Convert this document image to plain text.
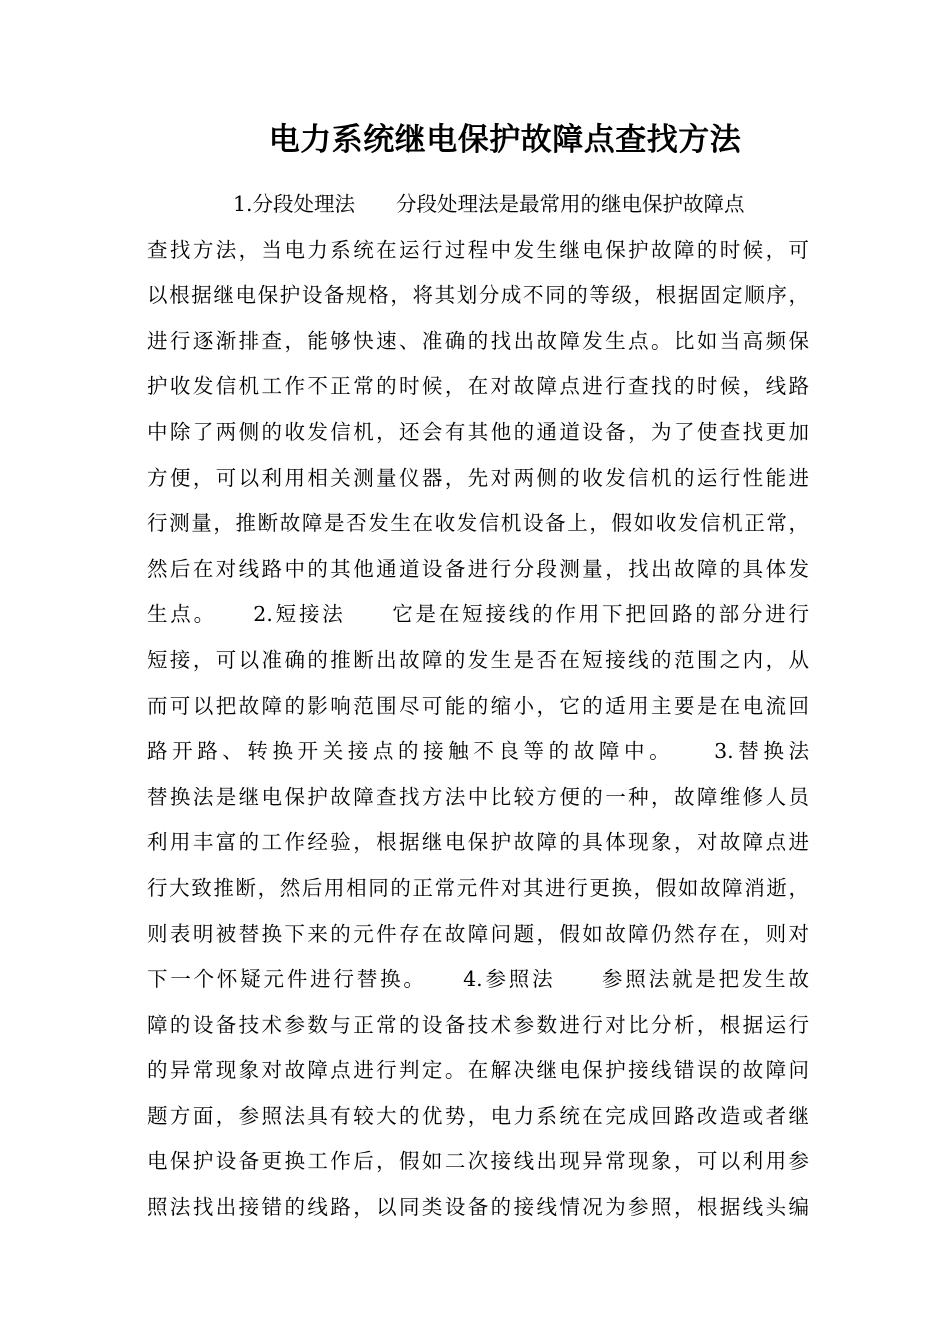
电力系统继电保护故障点查找方法
1.分段处理法　　分段处理法是最常用的继电保护故障点
查找方法，当电力系统在运行过程中发生继电保护故障的时候，可
以根据继电保护设备规格，将其划分成不同的等级，根据固定顺序，
进行逐渐排查，能够快速、准确的找出故障发生点。比如当高频保
护收发信机工作不正常的时候，在对故障点进行查找的时候，线路
中除了两侧的收发信机，还会有其他的通道设备，为了使查找更加
方便，可以利用相关测量仪器，先对两侧的收发信机的运行性能进
行测量，推断故障是否发生在收发信机设备上，假如收发信机正常，
然后在对线路中的其他通道设备进行分段测量，找出故障的具体发
生点。　　2.短接法　　它是在短接线的作用下把回路的部分进行
短接，可以准确的推断出故障的发生是否在短接线的范围之内，从
而可以把故障的影响范围尽可能的缩小，它的适用主要是在电流回
路开路、转换开关接点的接触不良等的故障中。　　3.替换法
替换法是继电保护故障查找方法中比较方便的一种，故障维修人员
利用丰富的工作经验，根据继电保护故障的具体现象，对故障点进
行大致推断，然后用相同的正常元件对其进行更换，假如故障消逝，
则表明被替换下来的元件存在故障问题，假如故障仍然存在，则对
下一个怀疑元件进行替换。　　4.参照法　　参照法就是把发生故
障的设备技术参数与正常的设备技术参数进行对比分析，根据运行
的异常现象对故障点进行判定。在解决继电保护接线错误的故障问
题方面，参照法具有较大的优势，电力系统在完成回路改造或者继
电保护设备更换工作后，假如二次接线出现异常现象，可以利用参
照法找出接错的线路，以同类设备的接线情况为参照，根据线头编
